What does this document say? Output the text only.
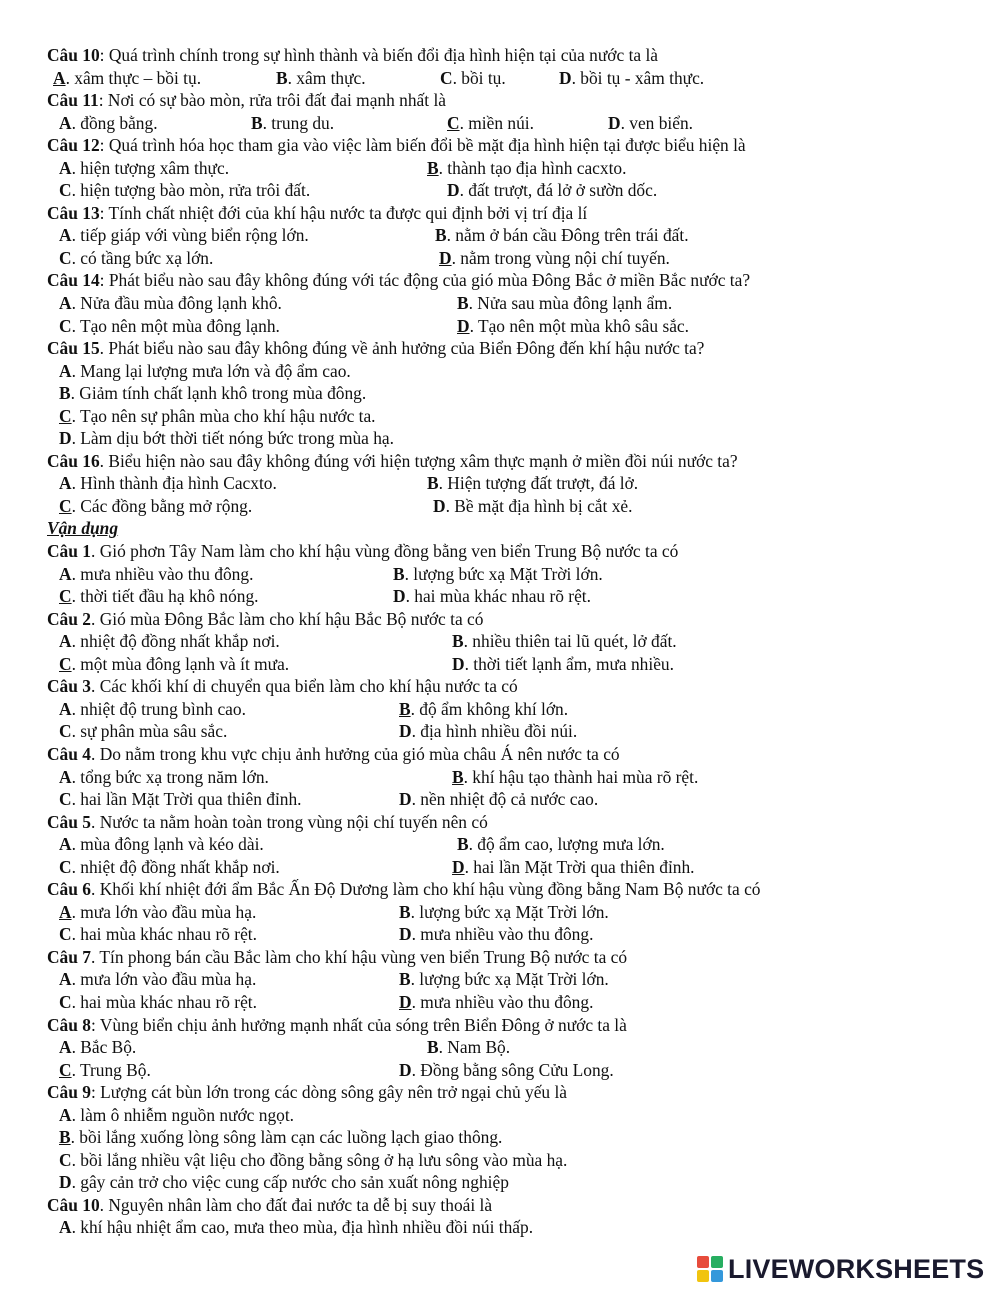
Câu 10: Quá trình chính trong sự hình thành và biến đổi địa hình hiện tại của nước ta là
A. xâm thực – bồi tụ.	B. xâm thực.	C. bồi tụ.	D. bồi tụ - xâm thực.
Câu 11: Nơi có sự bào mòn, rửa trôi đất đai mạnh nhất là
A. đồng bằng.	B. trung du.	C. miền núi.	D. ven biển.
Câu 12: Quá trình hóa học tham gia vào việc làm biến đổi bề mặt địa hình hiện tại được biểu hiện là
A. hiện tượng xâm thực.	B. thành tạo địa hình cacxto.
C. hiện tượng bào mòn, rửa trôi đất.	D. đất trượt, đá lở ở sườn dốc.
Câu 13: Tính chất nhiệt đới của khí hậu nước ta được qui định bởi vị trí địa lí
A. tiếp giáp với vùng biển rộng lớn.	B. nằm ở bán cầu Đông trên trái đất.
C. có tầng bức xạ lớn.	D. nằm trong vùng nội chí tuyến.
Câu 14: Phát biểu nào sau đây không đúng với tác động của gió mùa Đông Bắc ở miền Bắc nước ta?
A. Nửa đầu mùa đông lạnh khô.	B. Nửa sau mùa đông lạnh ẩm.
C. Tạo nên một mùa đông lạnh.	D. Tạo nên một mùa khô sâu sắc.
Câu 15. Phát biểu nào sau đây không đúng về ảnh hưởng của Biển Đông đến khí hậu nước ta?
A. Mang lại lượng mưa lớn và độ ẩm cao.
B. Giảm tính chất lạnh khô trong mùa đông.
C. Tạo nên sự phân mùa cho khí hậu nước ta.
D. Làm dịu bớt thời tiết nóng bức trong mùa hạ.
Câu 16. Biểu hiện nào sau đây không đúng với hiện tượng xâm thực mạnh ở miền đồi núi nước ta?
A. Hình thành địa hình Cacxto.	B. Hiện tượng đất trượt, đá lở.
C. Các đồng bằng mở rộng.	D. Bề mặt địa hình bị cắt xẻ.
Vận dụng
Câu 1. Gió phơn Tây Nam làm cho khí hậu vùng đồng bằng ven biển Trung Bộ nước ta có
A. mưa nhiều vào thu đông.	B. lượng bức xạ Mặt Trời lớn.
C. thời tiết đầu hạ khô nóng.	D. hai mùa khác nhau rõ rệt.
Câu 2. Gió mùa Đông Bắc làm cho khí hậu Bắc Bộ nước ta có
A. nhiệt độ đồng nhất khắp nơi.	B. nhiều thiên tai lũ quét, lở đất.
C. một mùa đông lạnh và ít mưa.	D. thời tiết lạnh ẩm, mưa nhiều.
Câu 3. Các khối khí di chuyển qua biển làm cho khí hậu nước ta có
A. nhiệt độ trung bình cao.	B. độ ẩm không khí lớn.
C. sự phân mùa sâu sắc.	D. địa hình nhiều đồi núi.
Câu 4. Do nằm trong khu vực chịu ảnh hưởng của gió mùa châu Á nên nước ta có
A. tổng bức xạ trong năm lớn.	B. khí hậu tạo thành hai mùa rõ rệt.
C. hai lần Mặt Trời qua thiên đỉnh.	D. nền nhiệt độ cả nước cao.
Câu 5. Nước ta nằm hoàn toàn trong vùng nội chí tuyến nên có
A. mùa đông lạnh và kéo dài.	B. độ ẩm cao, lượng mưa lớn.
C. nhiệt độ đồng nhất khắp nơi.	D. hai lần Mặt Trời qua thiên đỉnh.
Câu 6. Khối khí nhiệt đới ẩm Bắc Ấn Độ Dương làm cho khí hậu vùng đồng bằng Nam Bộ nước ta có
A. mưa lớn vào đầu mùa hạ.	B. lượng bức xạ Mặt Trời lớn.
C. hai mùa khác nhau rõ rệt.	D. mưa nhiều vào thu đông.
Câu 7. Tín phong bán cầu Bắc làm cho khí hậu vùng ven biển Trung Bộ nước ta có
A. mưa lớn vào đầu mùa hạ.	B. lượng bức xạ Mặt Trời lớn.
C. hai mùa khác nhau rõ rệt.	D. mưa nhiều vào thu đông.
Câu 8: Vùng biển chịu ảnh hưởng mạnh nhất của sóng trên Biển Đông ở nước ta là
A. Bắc Bộ.	B. Nam Bộ.
C. Trung Bộ.	D. Đồng bằng sông Cửu Long.
Câu 9: Lượng cát bùn lớn trong các dòng sông gây nên trở ngại chủ yếu là
A. làm ô nhiễm nguồn nước ngọt.
B. bồi lắng xuống lòng sông làm cạn các luồng lạch giao thông.
C. bồi lắng nhiều vật liệu cho đồng bằng sông ở hạ lưu sông vào mùa hạ.
D. gây cản trở cho việc cung cấp nước cho sản xuất nông nghiệp
Câu 10. Nguyên nhân làm cho đất đai nước ta dễ bị suy thoái là
A. khí hậu nhiệt ẩm cao, mưa theo mùa, địa hình nhiều đồi núi thấp.
LIVEWORKSHEETS
